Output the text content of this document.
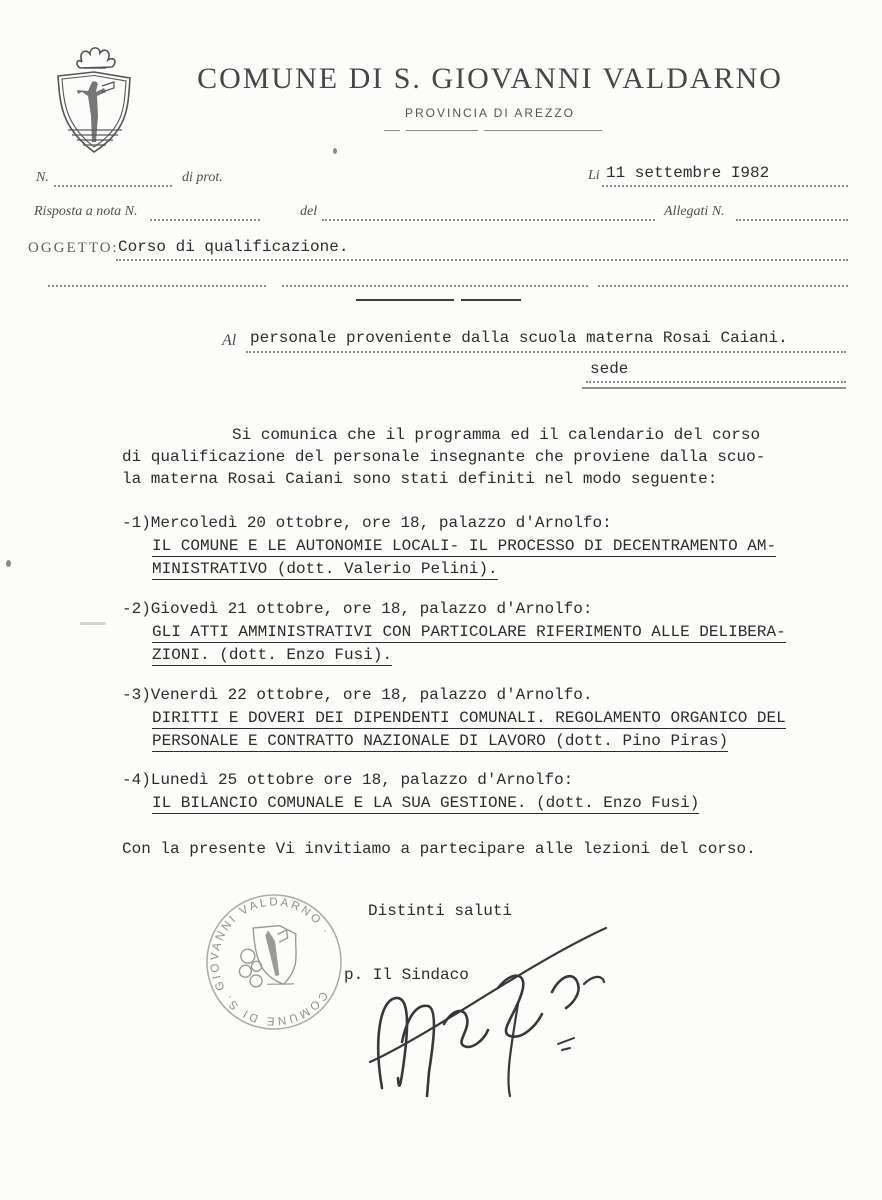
COMUNE DI S. GIOVANNI VALDARNO
PROVINCIA DI AREZZO
N.	di prot.	Li 11 settembre I982
Risposta a nota N.	del	Allegati N.
OGGETTO: Corso di qualificazione.
Al personale proveniente dalla scuola materna Rosai Caiani.
sede
Si comunica che il programma ed il calendario del corso
di qualificazione del personale insegnante che proviene dalla scuo-
la materna Rosai Caiani sono stati definiti nel modo seguente:
-1)Mercoledì 20 ottobre, ore 18, palazzo d'Arnolfo:
IL COMUNE E LE AUTONOMIE LOCALI- IL PROCESSO DI DECENTRAMENTO AM-
MINISTRATIVO (dott. Valerio Pelini).
-2)Giovedì 21 ottobre, ore 18, palazzo d'Arnolfo:
GLI ATTI AMMINISTRATIVI CON PARTICOLARE RIFERIMENTO ALLE DELIBERA-
ZIONI. (dott. Enzo Fusi).
-3)Venerdì 22 ottobre, ore 18, palazzo d'Arnolfo.
DIRITTI E DOVERI DEI DIPENDENTI COMUNALI. REGOLAMENTO ORGANICO DEL
PERSONALE E CONTRATTO NAZIONALE DI LAVORO (dott. Pino Piras)
-4)Lunedì 25 ottobre ore 18, palazzo d'Arnolfo:
IL BILANCIO COMUNALE E LA SUA GESTIONE. (dott. Enzo Fusi)
Con la presente Vi invitiamo a partecipare alle lezioni del corso.
COMUNE DI S. GIOVANNI VALDARNO ·
Distinti saluti
p. Il Sindaco
